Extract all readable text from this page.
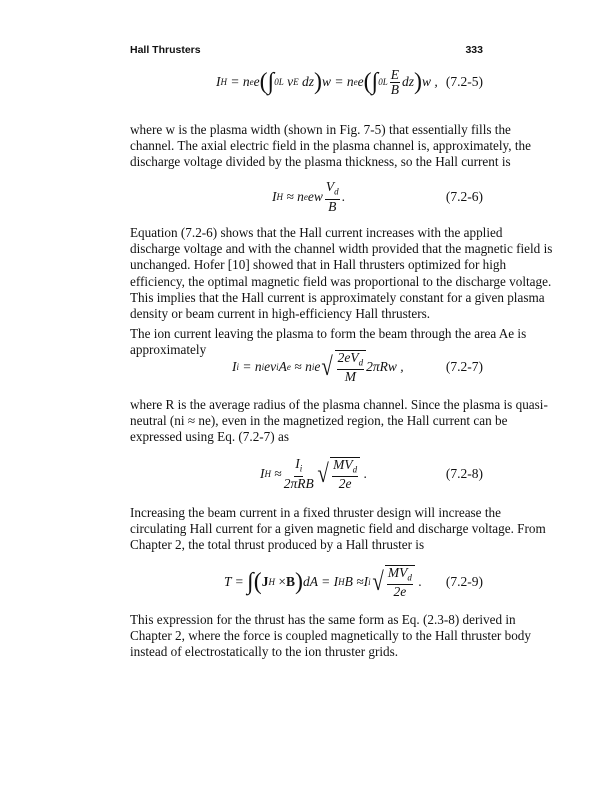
Hall Thrusters	333
I H
= n e e (∫ 0 L
v E
dz ) w
= n e e (∫ 0 L $\frac{E}{B}$ dz ) w , (7.2-5)
where w is the plasma width (shown in Fig. 7-5) that essentially fills the
channel. The axial electric field in the plasma channel is, approximately, the
discharge voltage divided by the plasma thickness, so the Hall current is
I H
≈ n e ew $\frac{V_d}{B}$ .	(7.2-6)
Equation (7.2-6) shows that the Hall current increases with the applied
discharge voltage and with the channel width provided that the magnetic field is
unchanged. Hofer [10] showed that in Hall thrusters optimized for high
efficiency, the optimal magnetic field was proportional to the discharge voltage.
This implies that the Hall current is approximately constant for a given plasma
density or beam current in high-efficiency Hall thrusters.
The ion current leaving the plasma to form the beam through the area Ae is
approximately
I i
= n i ev i A e
≈ n i e √ $\frac{2eV_d}{M} 2\pi Rw$ ,	(7.2-7)
where R is the average radius of the plasma channel. Since the plasma is quasi-
neutral (ni ≈ ne), even in the magnetized region, the Hall current can be
expressed using Eq. (7.2-7) as
I H
≈ $\frac{I_i}{\text{2πRB}}$ √ $\frac{MV_d}{2e}$
.	(7.2-8)
Increasing the beam current in a fixed thruster design will increase the
circulating Hall current for a given magnetic field and discharge voltage. From
Chapter 2, the total thrust produced by a Hall thruster is
T =
∫( J H
× B ) dA = I H B ≈I i √ $\frac{MV_d}{2e}$
. (7.2-9)
This expression for the thrust has the same form as Eq. (2.3-8) derived in
Chapter 2, where the force is coupled magnetically to the Hall thruster body
instead of electrostatically to the ion thruster grids.
